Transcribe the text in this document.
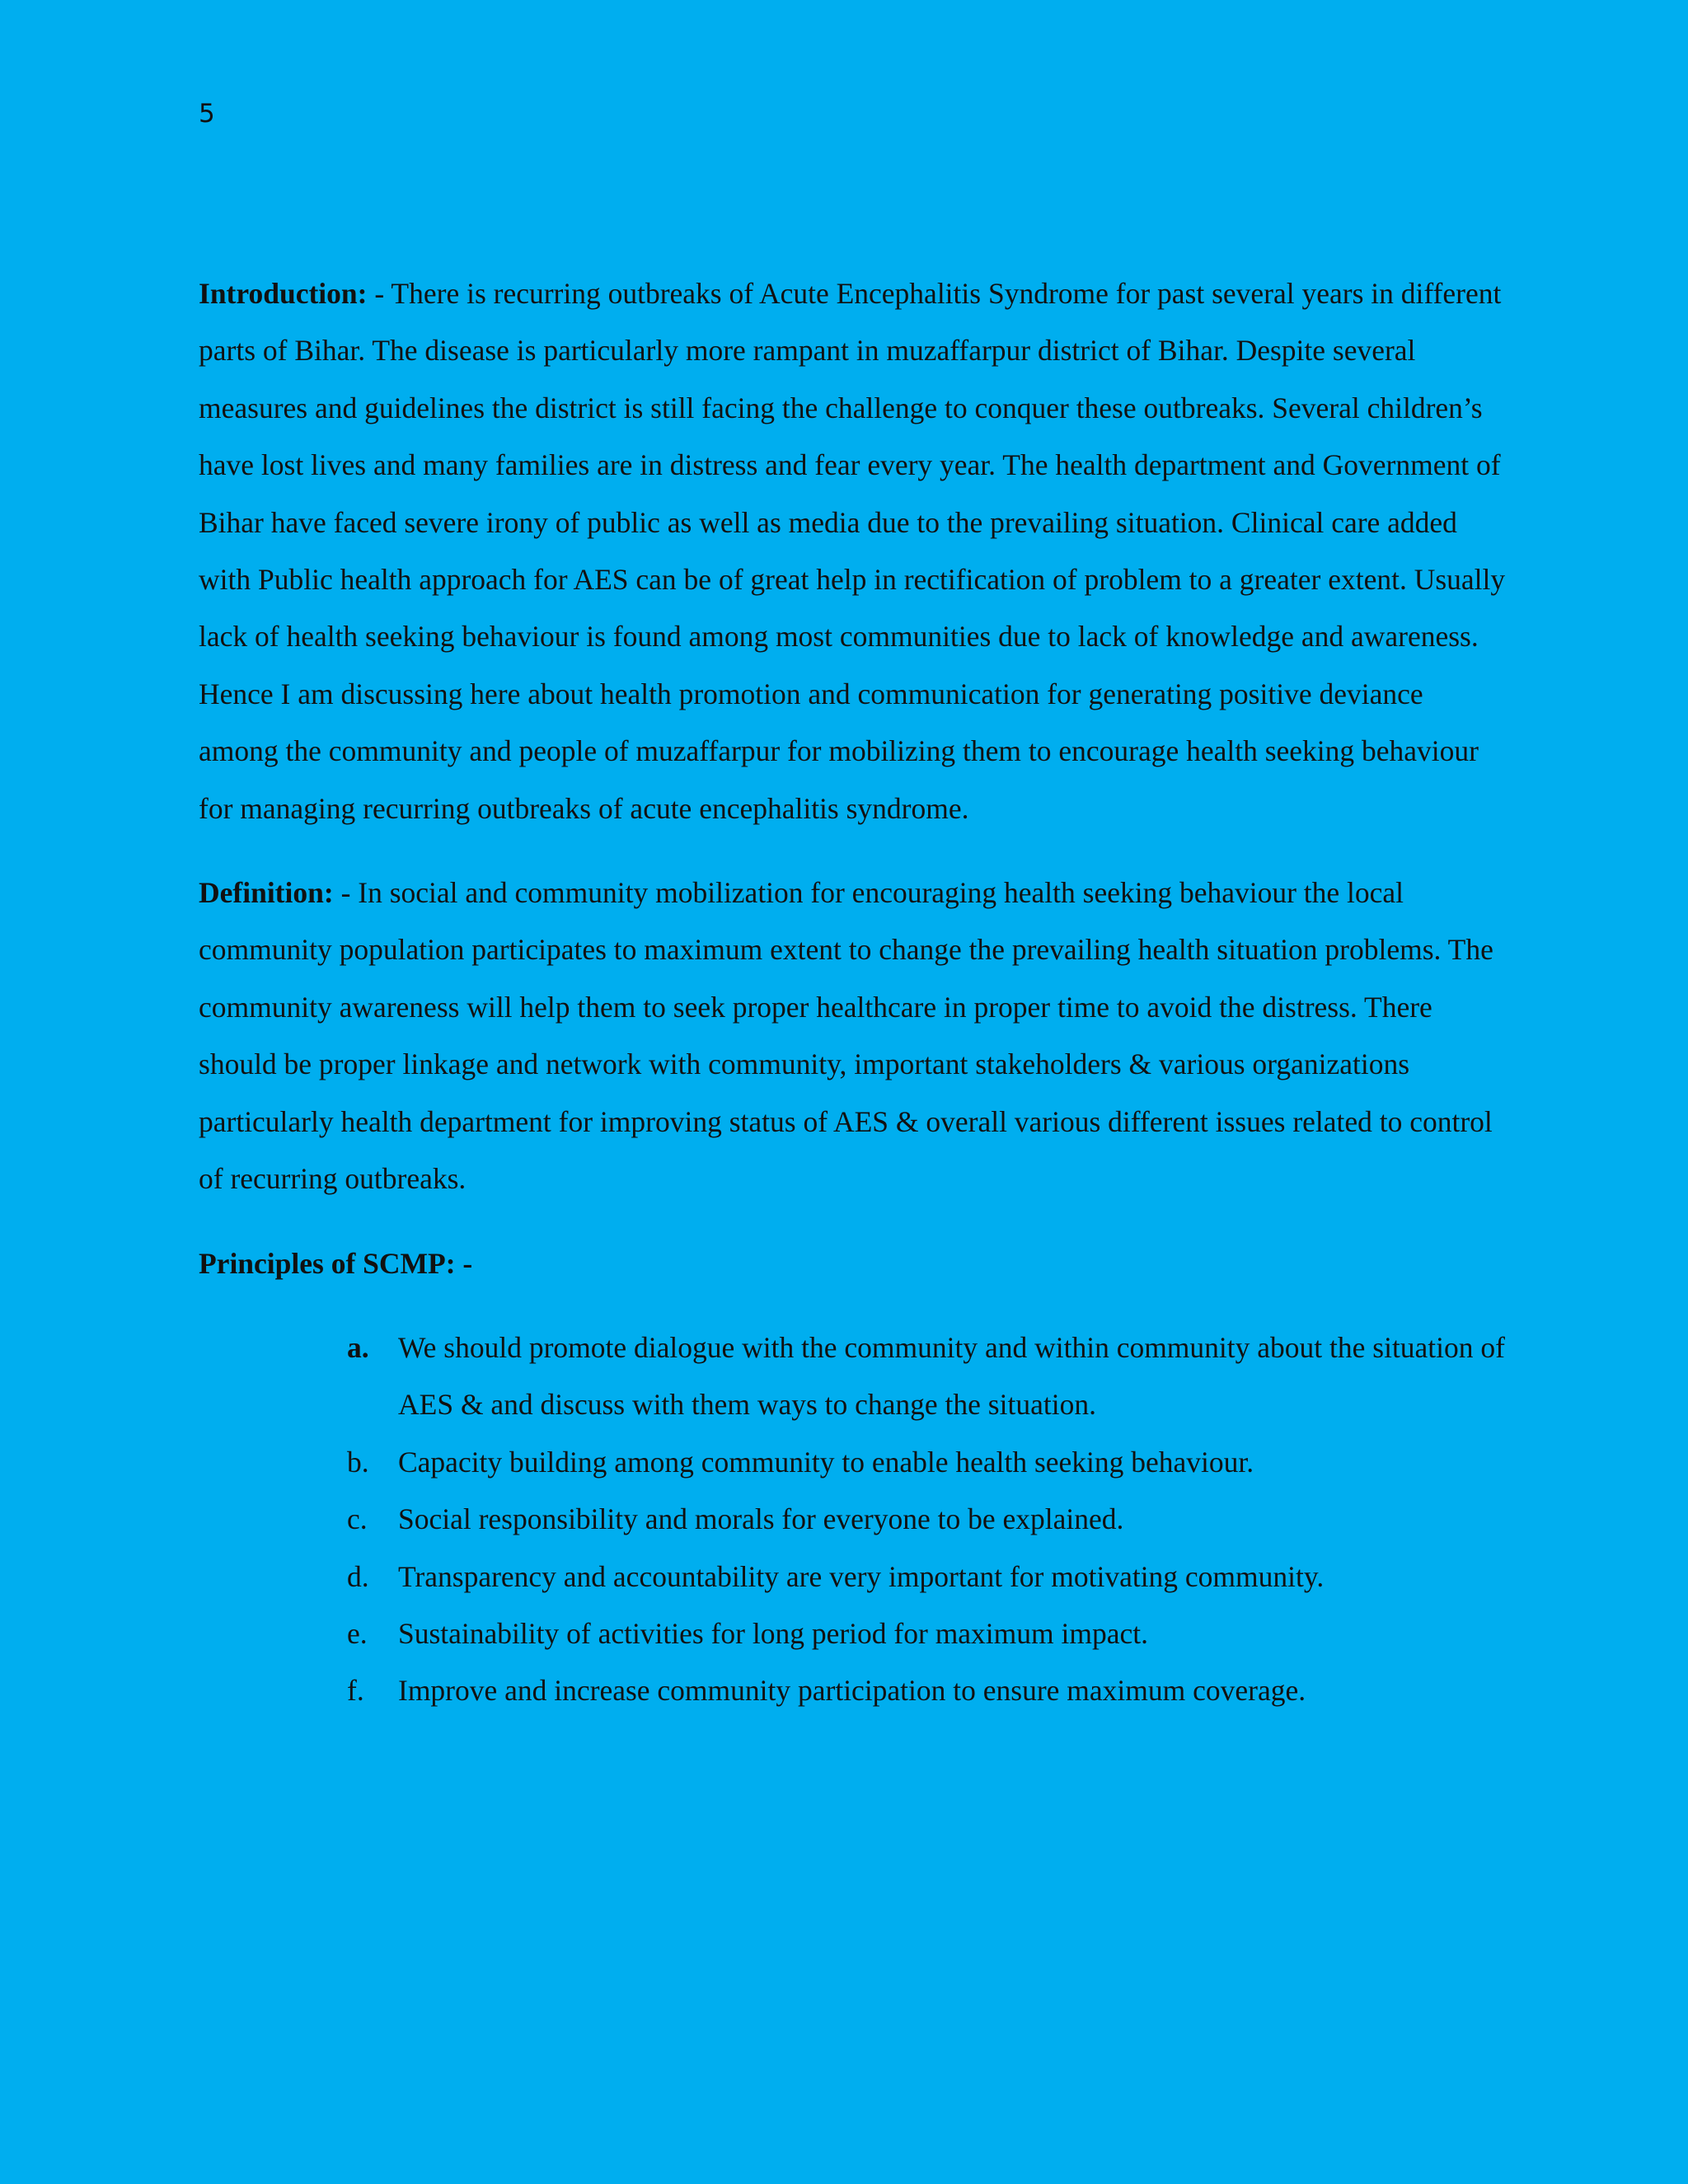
5

Introduction: - There is recurring outbreaks of Acute Encephalitis Syndrome for past several years in different parts of Bihar. The disease is particularly more rampant in muzaffarpur district of Bihar. Despite several measures and guidelines the district is still facing the challenge to conquer these outbreaks. Several children’s have lost lives and many families are in distress and fear every year. The health department and Government of Bihar have faced severe irony of public as well as media due to the prevailing situation. Clinical care added with Public health approach for AES can be of great help in rectification of problem to a greater extent. Usually lack of health seeking behaviour is found among most communities due to lack of knowledge and awareness. Hence I am discussing here about health promotion and communication for generating positive deviance among the community and people of muzaffarpur for mobilizing them to encourage health seeking behaviour for managing recurring outbreaks of acute encephalitis syndrome.

Definition: - In social and community mobilization for encouraging health seeking behaviour the local community population participates to maximum extent to change the prevailing health situation problems. The community awareness will help them to seek proper healthcare in proper time to avoid the distress. There should be proper linkage and network with community, important stakeholders & various organizations particularly health department for improving status of AES & overall various different issues related to control of recurring outbreaks.

Principles of SCMP: -

a. We should promote dialogue with the community and within community about the situation of AES & and discuss with them ways to change the situation.
b. Capacity building among community to enable health seeking behaviour.
c. Social responsibility and morals for everyone to be explained.
d. Transparency and accountability are very important for motivating community.
e. Sustainability of activities for long period for maximum impact.
f. Improve and increase community participation to ensure maximum coverage.
